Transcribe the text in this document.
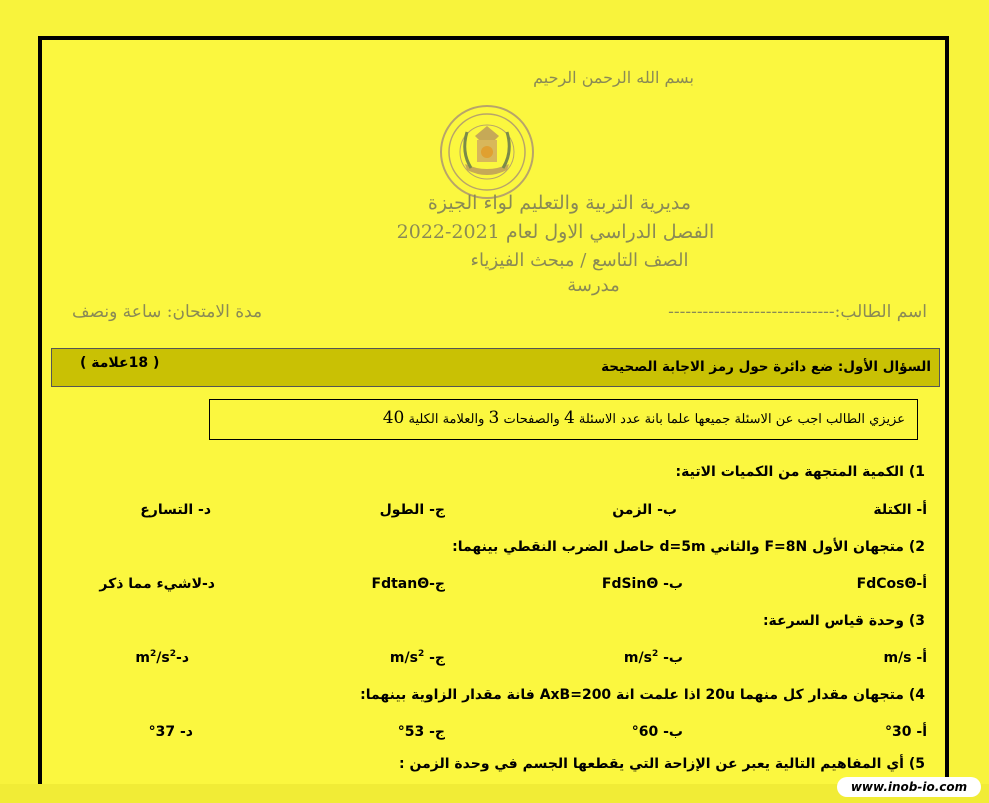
بسم الله الرحمن الرحيم
مديرية التربية والتعليم لواء الجيزة
الفصل الدراسي الاول لعام 2021-2022
الصف التاسع / مبحث الفيزياء
مدرسة
اسم الطالب:-----------------------------
مدة الامتحان: ساعة ونصف
السؤال الأول: ضع دائرة حول رمز الاجابة الصحيحة
( 18علامة )
عزيزي الطالب اجب عن الاسئلة جميعها علما بانة عدد الاسئلة 4 والصفحات 3 والعلامة الكلية 40
1) الكمية المتجهة من الكميات الاتية:
أ- الكتلة
ب- الزمن
ج- الطول
د- التسارع
2) متجهان الأول F=8N والثاني d=5m حاصل الضرب النقطي بينهما:
أ-FdCosΘ
ب- FdSinΘ
ج-FdtanΘ
د-لاشيء مما ذكر
3) وحدة قياس السرعة:
أ- m/s
ب- $m/s^2$
ج- $m/s^2$
$m^2/s^2-د$
4) متجهان مقدار كل منهما 20u اذا علمت انة AxB=200 فانة مقدار الزاوية بينهما:
أ- 30°
ب- 60°
ج- 53°
د- 37°
5) أي المفاهيم التالية يعبر عن الإزاحة التي يقطعها الجسم في وحدة الزمن :
www.inob-io.com
